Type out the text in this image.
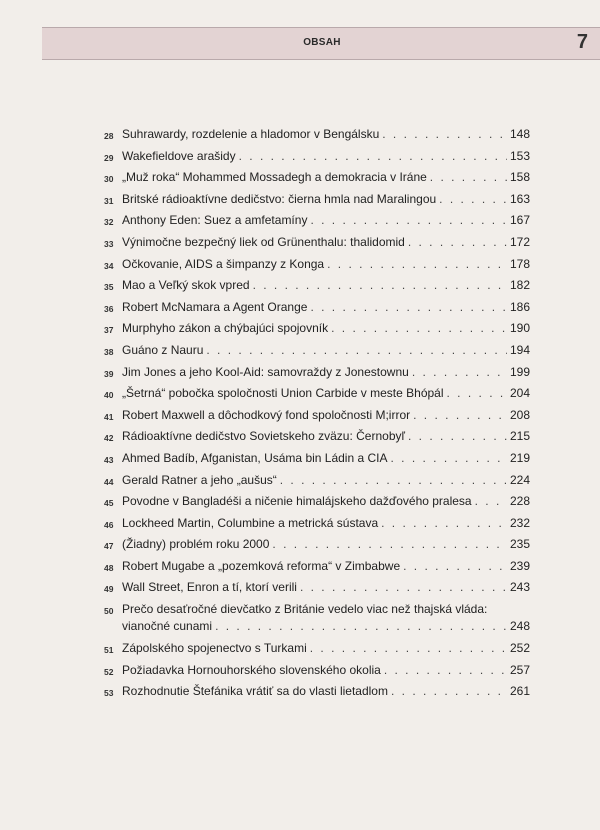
OBSAH	7
28 Suhrawardy, rozdelenie a hladomor v Bengálsku . . .	148
29 Wakefieldove arašidy . . .	153
30 „Muž roka“ Mohammed Mossadegh a demokracia v Iráne . . .	158
31 Britské rádioaktívne dedičstvo: čierna hmla nad Maralingou . . .	163
32 Anthony Eden: Suez a amfetamíny . . .	167
33 Výnimočne bezpečný liek od Grünenthalu: thalidomid . . .	172
34 Očkovanie, AIDS a šimpanzy z Konga . . .	178
35 Mao a Veľký skok vpred . . .	182
36 Robert McNamara a Agent Orange . . .	186
37 Murphyho zákon a chýbajúci spojovník . . .	190
38 Guáno z Nauru . . .	194
39 Jim Jones a jeho Kool-Aid: samovraždy z Jonestownu . . .	199
40 „Šetrná“ pobočka spoločnosti Union Carbide v meste Bhópál . . .	204
41 Robert Maxwell a dôchodkový fond spoločnosti M;irror . . .	208
42 Rádioaktívne dedičstvo Sovietskeho zväzu: Černobyľ . . .	215
43 Ahmed Badíb, Afganistan, Usáma bin Ládin a CIA . . .	219
44 Gerald Ratner a jeho „aušus“ . . .	224
45 Povodne v Bangladéši a ničenie himalájskeho dažďového pralesa . . .	228
46 Lockheed Martin, Columbine a metrická sústava . . .	232
47 (Žiadny) problém roku 2000 . . .	235
48 Robert Mugabe a „pozemková reforma“ v Zimbabwe . . .	239
49 Wall Street, Enron a tí, ktorí verili . . .	243
50 Prečo desaťročné dievčatko z Británie vedelo viac než thajská vláda:
vianočné cunami . . .	248
51 Zápolského spojenectvo s Turkami . . .	252
52 Požiadavka Hornouhorského slovenského okolia . . .	257
53 Rozhodnutie Štefánika vrátiť sa do vlasti lietadlom . . .	261
